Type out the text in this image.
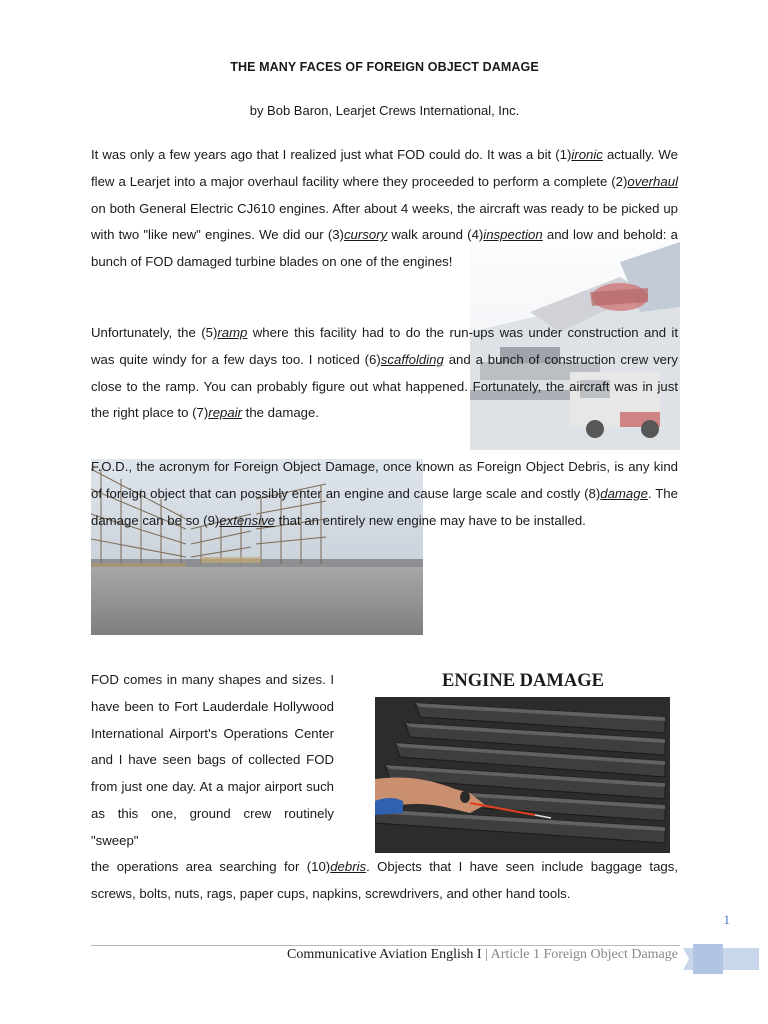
THE MANY FACES OF FOREIGN OBJECT DAMAGE
by Bob Baron, Learjet Crews International, Inc.
ENGINE DAMAGE

It was only a few years ago that I realized just what FOD could do. It was a bit (1)ironic actually. We flew a Learjet into a major overhaul facility where they proceeded to perform a complete (2)overhaul on both General Electric CJ610 engines. After about 4 weeks, the aircraft was ready to be picked up with two "like new" engines. We did our (3)cursory walk around (4)inspection and low and behold: a bunch of FOD damaged turbine blades on one of the engines!

Unfortunately, the (5)ramp where this facility had to do the run-ups was under construction and it was quite windy for a few days too. I noticed (6)scaffolding and a bunch of construction crew very close to the ramp. You can probably figure out what happened. Fortunately, the aircraft was in just the right place to (7)repair the damage.

F.O.D., the acronym for Foreign Object Damage, once known as Foreign Object Debris, is any kind of foreign object that can possibly enter an engine and cause large scale and costly (8)damage. The damage can be so (9)extensive that an entirely new engine may have to be installed.

FOD comes in many shapes and sizes. I have been to Fort Lauderdale Hollywood International Airport's Operations Center and I have seen bags of collected FOD from just one day. At a major airport such as this one, ground crew routinely "sweep"

the operations area searching for (10)debris. Objects that I have seen include baggage tags, screws, bolts, nuts, rags, paper cups, napkins, screwdrivers, and other hand tools.

1
Communicative Aviation English I | Article 1 Foreign Object Damage
